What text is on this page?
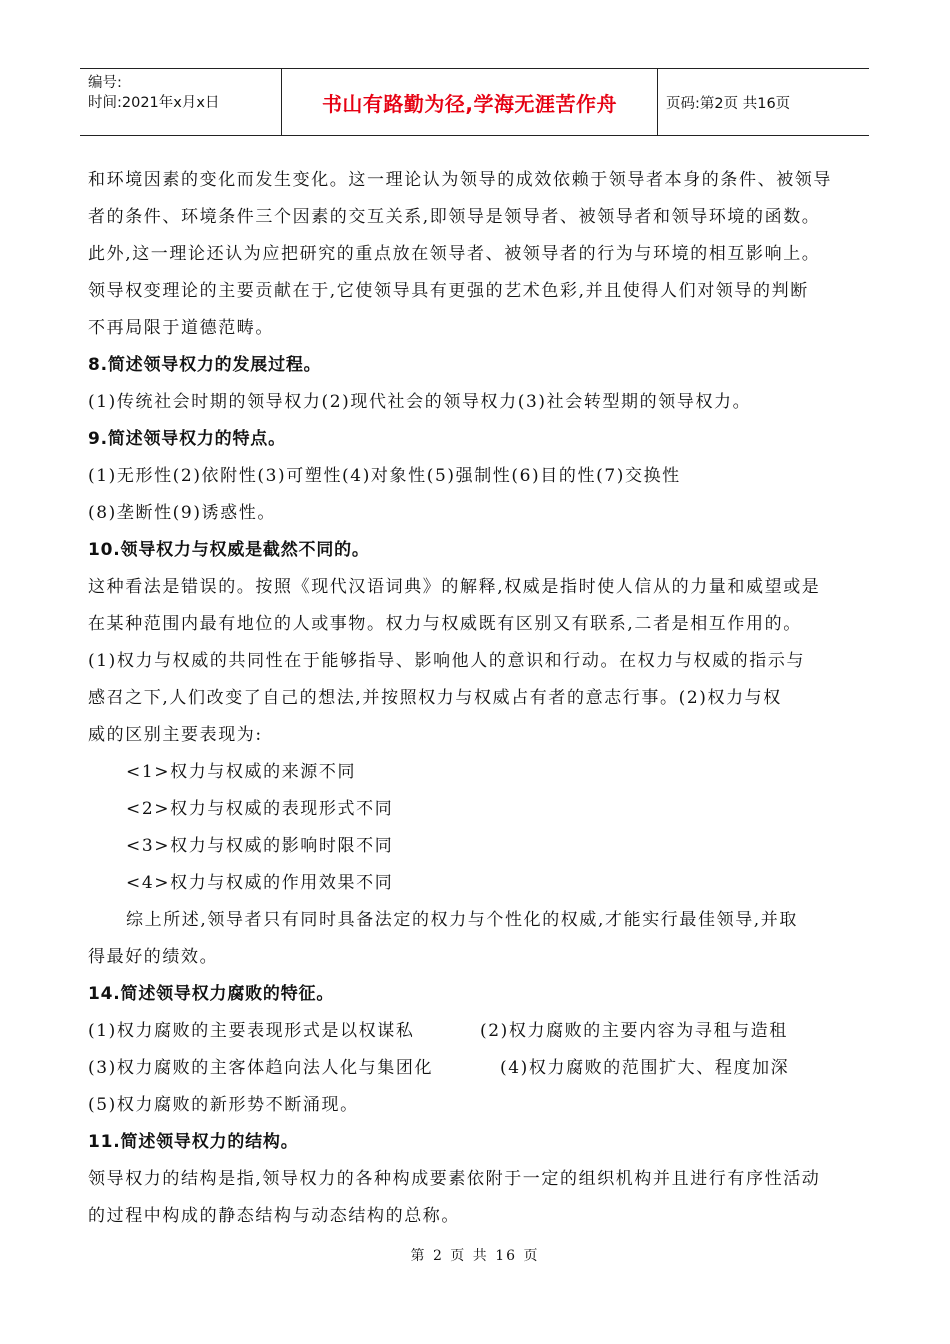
编号:
时间:2021年x月x日	书山有路勤为径,学海无涯苦作舟	页码:第2页 共16页

和环境因素的变化而发生变化。这一理论认为领导的成效依赖于领导者本身的条件、被领导

者的条件、环境条件三个因素的交互关系,即领导是领导者、被领导者和领导环境的函数。

此外,这一理论还认为应把研究的重点放在领导者、被领导者的行为与环境的相互影响上。

领导权变理论的主要贡献在于,它使领导具有更强的艺术色彩,并且使得人们对领导的判断

不再局限于道德范畴。

8.简述领导权力的发展过程。

(1)传统社会时期的领导权力(2)现代社会的领导权力(3)社会转型期的领导权力。

9.简述领导权力的特点。

(1)无形性(2)依附性(3)可塑性(4)对象性(5)强制性(6)目的性(7)交换性

(8)垄断性(9)诱惑性。

10.领导权力与权威是截然不同的。

这种看法是错误的。按照《现代汉语词典》的解释,权威是指时使人信从的力量和威望或是

在某种范围内最有地位的人或事物。权力与权威既有区别又有联系,二者是相互作用的。

(1)权力与权威的共同性在于能够指导、影响他人的意识和行动。在权力与权威的指示与

感召之下,人们改变了自己的想法,并按照权力与权威占有者的意志行事。(2)权力与权

威的区别主要表现为:

<1>权力与权威的来源不同

<2>权力与权威的表现形式不同

<3>权力与权威的影响时限不同

<4>权力与权威的作用效果不同

综上所述,领导者只有同时具备法定的权力与个性化的权威,才能实行最佳领导,并取

得最好的绩效。

14.简述领导权力腐败的特征。

(1)权力腐败的主要表现形式是以权谋私	(2)权力腐败的主要内容为寻租与造租
(3)权力腐败的主客体趋向法人化与集团化	(4)权力腐败的范围扩大、程度加深

(5)权力腐败的新形势不断涌现。

11.简述领导权力的结构。

领导权力的结构是指,领导权力的各种构成要素依附于一定的组织机构并且进行有序性活动

的过程中构成的静态结构与动态结构的总称。

第 2 页 共 16 页
